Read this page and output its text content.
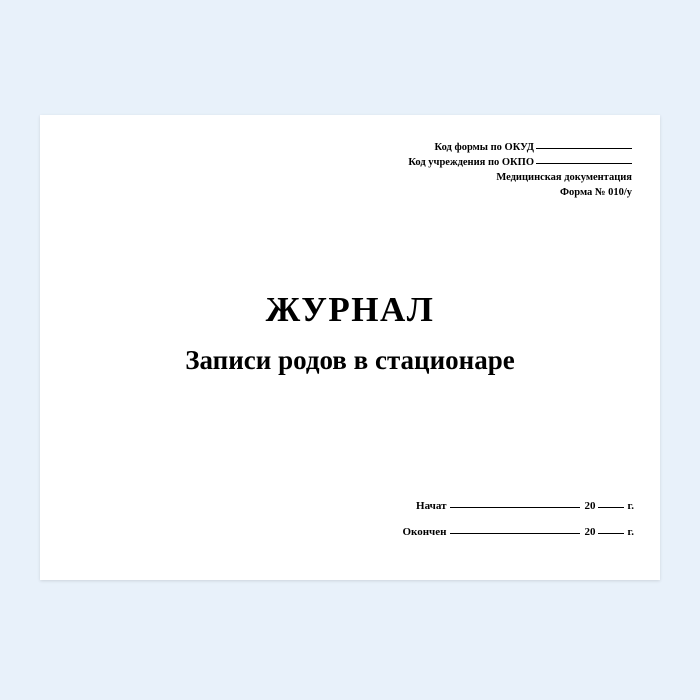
Код формы по ОКУД
Код учреждения по ОКПО
Медицинская документация
Форма № 010/у
ЖУРНАЛ
Записи родов в стационаре
Начат	20	г.
Окончен	20	г.
